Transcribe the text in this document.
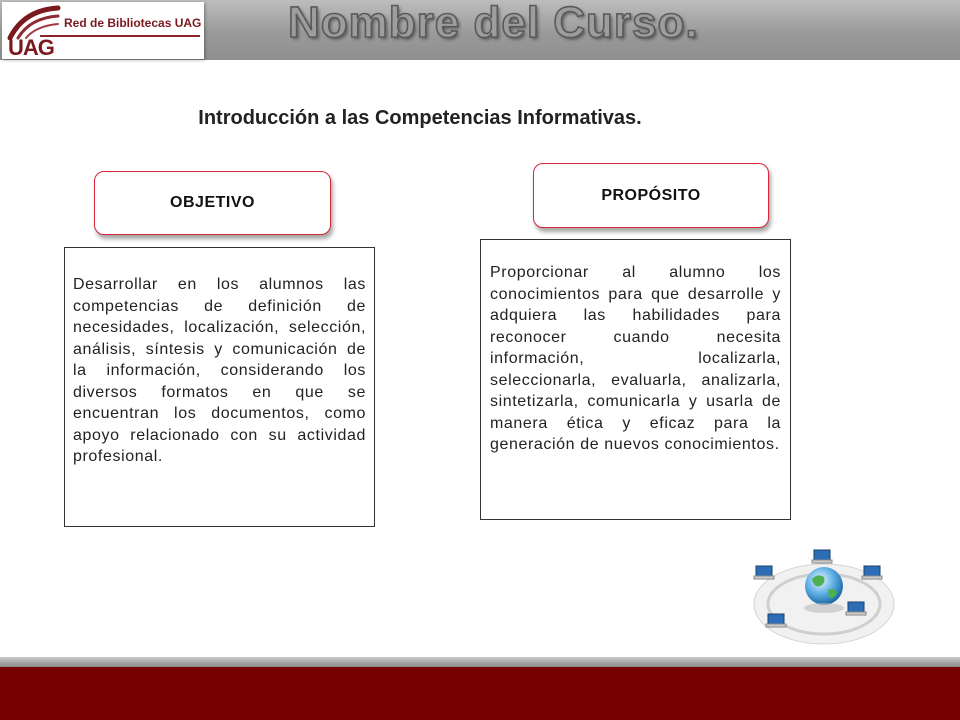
Red de Bibliotecas UAG
UAG
Nombre del Curso.
Introducción a las Competencias Informativas.
OBJETIVO	PROPÓSITO
Desarrollar en los alumnos las competencias de definición de necesidades, localización, selección, análisis, síntesis y comunicación de la información, considerando los diversos formatos en que se encuentran los documentos, como apoyo relacionado con su actividad profesional.
Proporcionar al alumno los conocimientos para que desarrolle y adquiera las habilidades para reconocer cuando necesita información, localizarla, seleccionarla, evaluarla, analizarla, sintetizarla, comunicarla y usarla de manera ética y eficaz para la generación de nuevos conocimientos.
